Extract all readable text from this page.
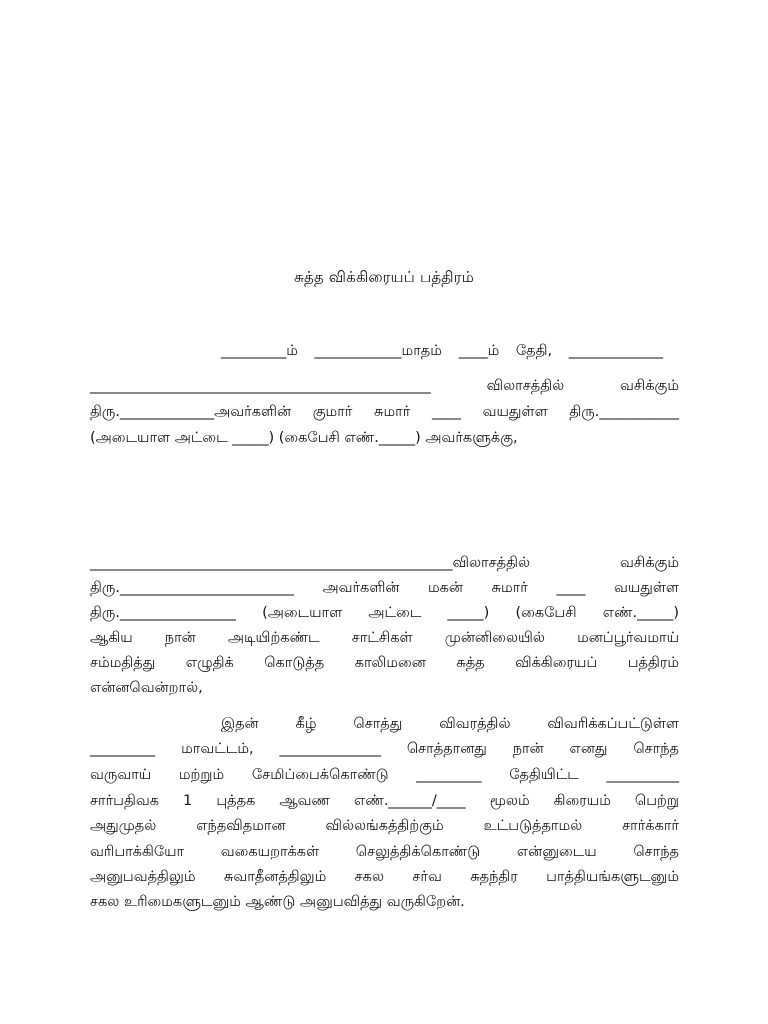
சுத்த விக்கிரையப் பத்திரம்
_________ம் ____________மாதம் ____ம் தேதி, _____________
_______________________________________________ விலாசத்தில் வசிக்கும்
திரு._____________அவர்களின் குமார் சுமார் ____ வயதுள்ள திரு.___________
(அடையாள அட்டை _____) (கைபேசி எண்._____) அவர்களுக்கு,
__________________________________________________விலாசத்தில் வசிக்கும்
திரு.________________________ அவர்களின் மகன் சுமார் ____ வயதுள்ள
திரு.________________ (அடையாள அட்டை _____) (கைபேசி எண்._____)
ஆகிய நான் அடியிற்கண்ட சாட்சிகள் முன்னிலையில் மனப்பூர்வமாய்
சம்மதித்து எழுதிக் கொடுத்த காலிமனை சுத்த விக்கிரையப் பத்திரம்
என்னவென்றால்,
இதன் கீழ் சொத்து விவரத்தில் விவரிக்கப்பட்டுள்ள
_________ மாவட்டம், ______________ சொத்தானது நான் எனது சொந்த
வருவாய் மற்றும் சேமிப்பைக்கொண்டு _________ தேதியிட்ட __________
சார்பதிவக 1 புத்தக ஆவண எண்.______/____ மூலம் கிரையம் பெற்று
அதுமுதல் எந்தவிதமான வில்லங்கத்திற்கும் உட்படுத்தாமல் சார்க்கார்
வரிபாக்கியோ வகையறாக்கள் செலுத்திக்கொண்டு என்னுடைய சொந்த
அனுபவத்திலும் சுவாதீனத்திலும் சகல சர்வ சுதந்திர பாத்தியங்களுடனும்
சகல உரிமைகளுடனும் ஆண்டு அனுபவித்து வருகிறேன்.
